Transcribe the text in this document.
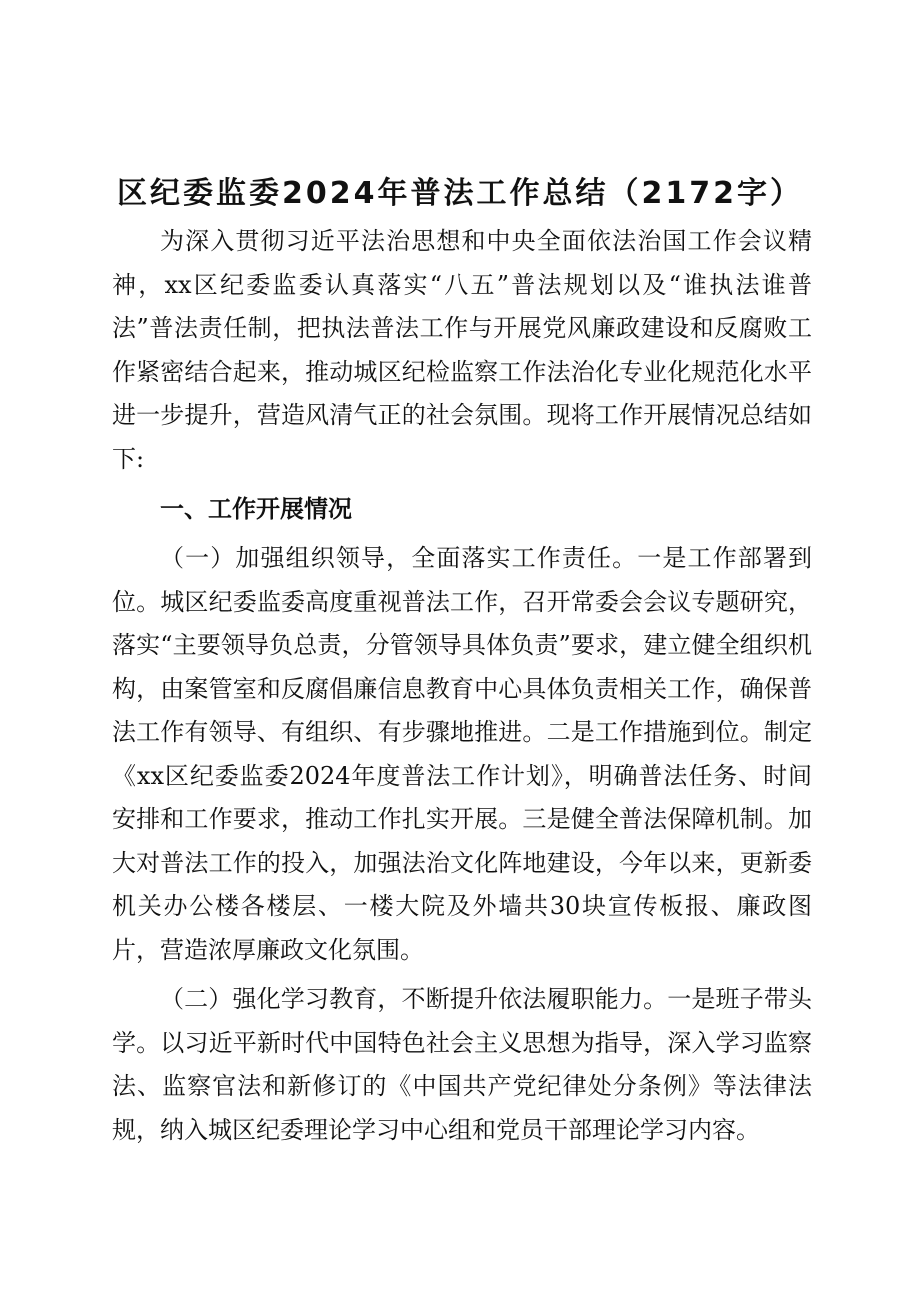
区纪委监委2024年普法工作总结（2172字）

为深入贯彻习近平法治思想和中央全面依法治国工作会议精神，xx区纪委监委认真落实“八五”普法规划以及“谁执法谁普法”普法责任制，把执法普法工作与开展党风廉政建设和反腐败工作紧密结合起来，推动城区纪检监察工作法治化专业化规范化水平进一步提升，营造风清气正的社会氛围。现将工作开展情况总结如下:

一、工作开展情况

（一）加强组织领导，全面落实工作责任。一是工作部署到位。城区纪委监委高度重视普法工作，召开常委会会议专题研究，落实“主要领导负总责，分管领导具体负责”要求，建立健全组织机构，由案管室和反腐倡廉信息教育中心具体负责相关工作，确保普法工作有领导、有组织、有步骤地推进。二是工作措施到位。制定《xx区纪委监委2024年度普法工作计划》，明确普法任务、时间安排和工作要求，推动工作扎实开展。三是健全普法保障机制。加大对普法工作的投入，加强法治文化阵地建设，今年以来，更新委机关办公楼各楼层、一楼大院及外墙共30块宣传板报、廉政图片，营造浓厚廉政文化氛围。

（二）强化学习教育，不断提升依法履职能力。一是班子带头学。以习近平新时代中国特色社会主义思想为指导，深入学习监察法、监察官法和新修订的《中国共产党纪律处分条例》等法律法规，纳入城区纪委理论学习中心组和党员干部理论学习内容。
